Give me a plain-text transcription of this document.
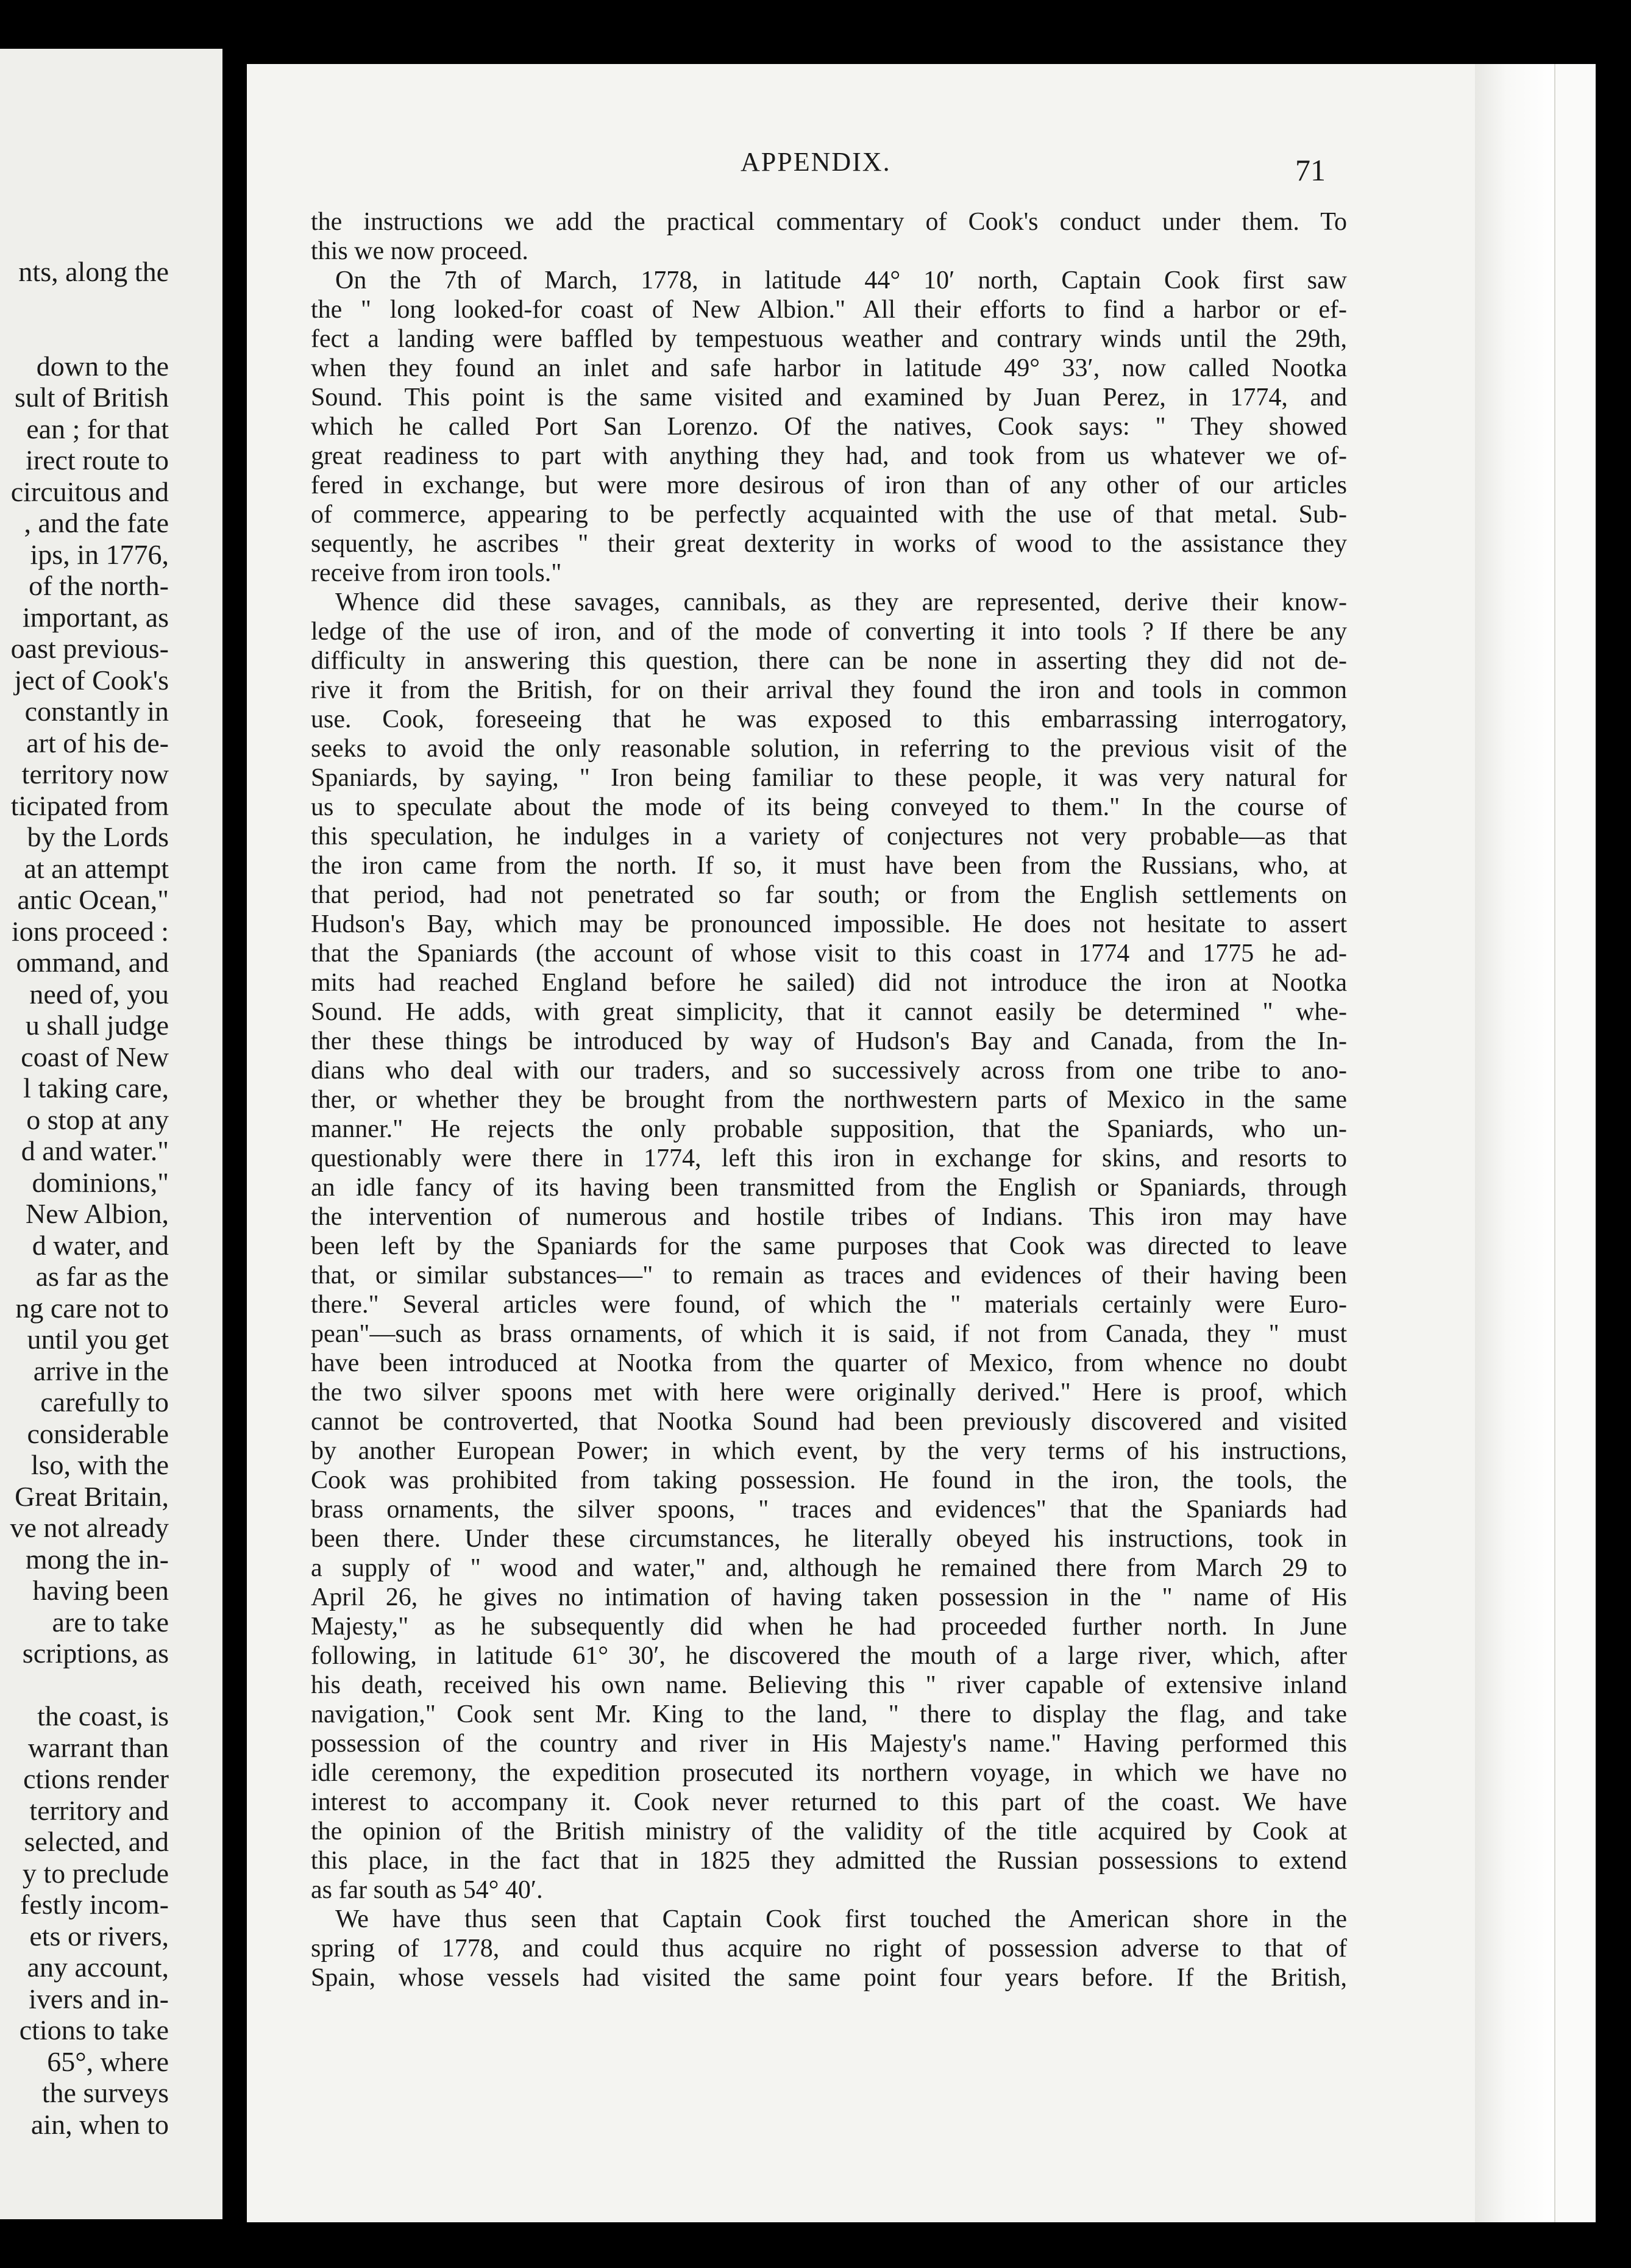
nts, along the
down to the
sult of British
ean ; for that
irect route to
circuitous and
, and the fate
ips, in 1776,
of the north-
important, as
oast previous-
ject of Cook's
constantly in
art of his de-
territory now
ticipated from
by the Lords
at an attempt
antic Ocean,"
ions proceed :
ommand, and
need of, you
u shall judge
coast of New
l taking care,
o stop at any
d and water."
dominions,"
New Albion,
d water, and
as far as the
ng care not to
until you get
arrive in the
carefully to
considerable
lso, with the
Great Britain,
ve not already
mong the in-
having been
are to take
scriptions, as
the coast, is
warrant than
ctions render
territory and
selected, and
y to preclude
festly incom-
ets or rivers,
any account,
ivers and in-
ctions to take
65°, where
the surveys
ain, when to
APPENDIX.	71
the instructions we add the practical commentary of Cook's conduct under them. To
this we now proceed.
On the 7th of March, 1778, in latitude 44° 10′ north, Captain Cook first saw
the " long looked-for coast of New Albion." All their efforts to find a harbor or ef-
fect a landing were baffled by tempestuous weather and contrary winds until the 29th,
when they found an inlet and safe harbor in latitude 49° 33′, now called Nootka
Sound. This point is the same visited and examined by Juan Perez, in 1774, and
which he called Port San Lorenzo. Of the natives, Cook says: " They showed
great readiness to part with anything they had, and took from us whatever we of-
fered in exchange, but were more desirous of iron than of any other of our articles
of commerce, appearing to be perfectly acquainted with the use of that metal. Sub-
sequently, he ascribes " their great dexterity in works of wood to the assistance they
receive from iron tools."
Whence did these savages, cannibals, as they are represented, derive their know-
ledge of the use of iron, and of the mode of converting it into tools ? If there be any
difficulty in answering this question, there can be none in asserting they did not de-
rive it from the British, for on their arrival they found the iron and tools in common
use. Cook, foreseeing that he was exposed to this embarrassing interrogatory,
seeks to avoid the only reasonable solution, in referring to the previous visit of the
Spaniards, by saying, " Iron being familiar to these people, it was very natural for
us to speculate about the mode of its being conveyed to them." In the course of
this speculation, he indulges in a variety of conjectures not very probable—as that
the iron came from the north. If so, it must have been from the Russians, who, at
that period, had not penetrated so far south; or from the English settlements on
Hudson's Bay, which may be pronounced impossible. He does not hesitate to assert
that the Spaniards (the account of whose visit to this coast in 1774 and 1775 he ad-
mits had reached England before he sailed) did not introduce the iron at Nootka
Sound. He adds, with great simplicity, that it cannot easily be determined " whe-
ther these things be introduced by way of Hudson's Bay and Canada, from the In-
dians who deal with our traders, and so successively across from one tribe to ano-
ther, or whether they be brought from the northwestern parts of Mexico in the same
manner." He rejects the only probable supposition, that the Spaniards, who un-
questionably were there in 1774, left this iron in exchange for skins, and resorts to
an idle fancy of its having been transmitted from the English or Spaniards, through
the intervention of numerous and hostile tribes of Indians. This iron may have
been left by the Spaniards for the same purposes that Cook was directed to leave
that, or similar substances—" to remain as traces and evidences of their having been
there." Several articles were found, of which the " materials certainly were Euro-
pean"—such as brass ornaments, of which it is said, if not from Canada, they " must
have been introduced at Nootka from the quarter of Mexico, from whence no doubt
the two silver spoons met with here were originally derived." Here is proof, which
cannot be controverted, that Nootka Sound had been previously discovered and visited
by another European Power; in which event, by the very terms of his instructions,
Cook was prohibited from taking possession. He found in the iron, the tools, the
brass ornaments, the silver spoons, " traces and evidences" that the Spaniards had
been there. Under these circumstances, he literally obeyed his instructions, took in
a supply of " wood and water," and, although he remained there from March 29 to
April 26, he gives no intimation of having taken possession in the " name of His
Majesty," as he subsequently did when he had proceeded further north. In June
following, in latitude 61° 30′, he discovered the mouth of a large river, which, after
his death, received his own name. Believing this " river capable of extensive inland
navigation," Cook sent Mr. King to the land, " there to display the flag, and take
possession of the country and river in His Majesty's name." Having performed this
idle ceremony, the expedition prosecuted its northern voyage, in which we have no
interest to accompany it. Cook never returned to this part of the coast. We have
the opinion of the British ministry of the validity of the title acquired by Cook at
this place, in the fact that in 1825 they admitted the Russian possessions to extend
as far south as 54° 40′.
We have thus seen that Captain Cook first touched the American shore in the
spring of 1778, and could thus acquire no right of possession adverse to that of
Spain, whose vessels had visited the same point four years before. If the British,
